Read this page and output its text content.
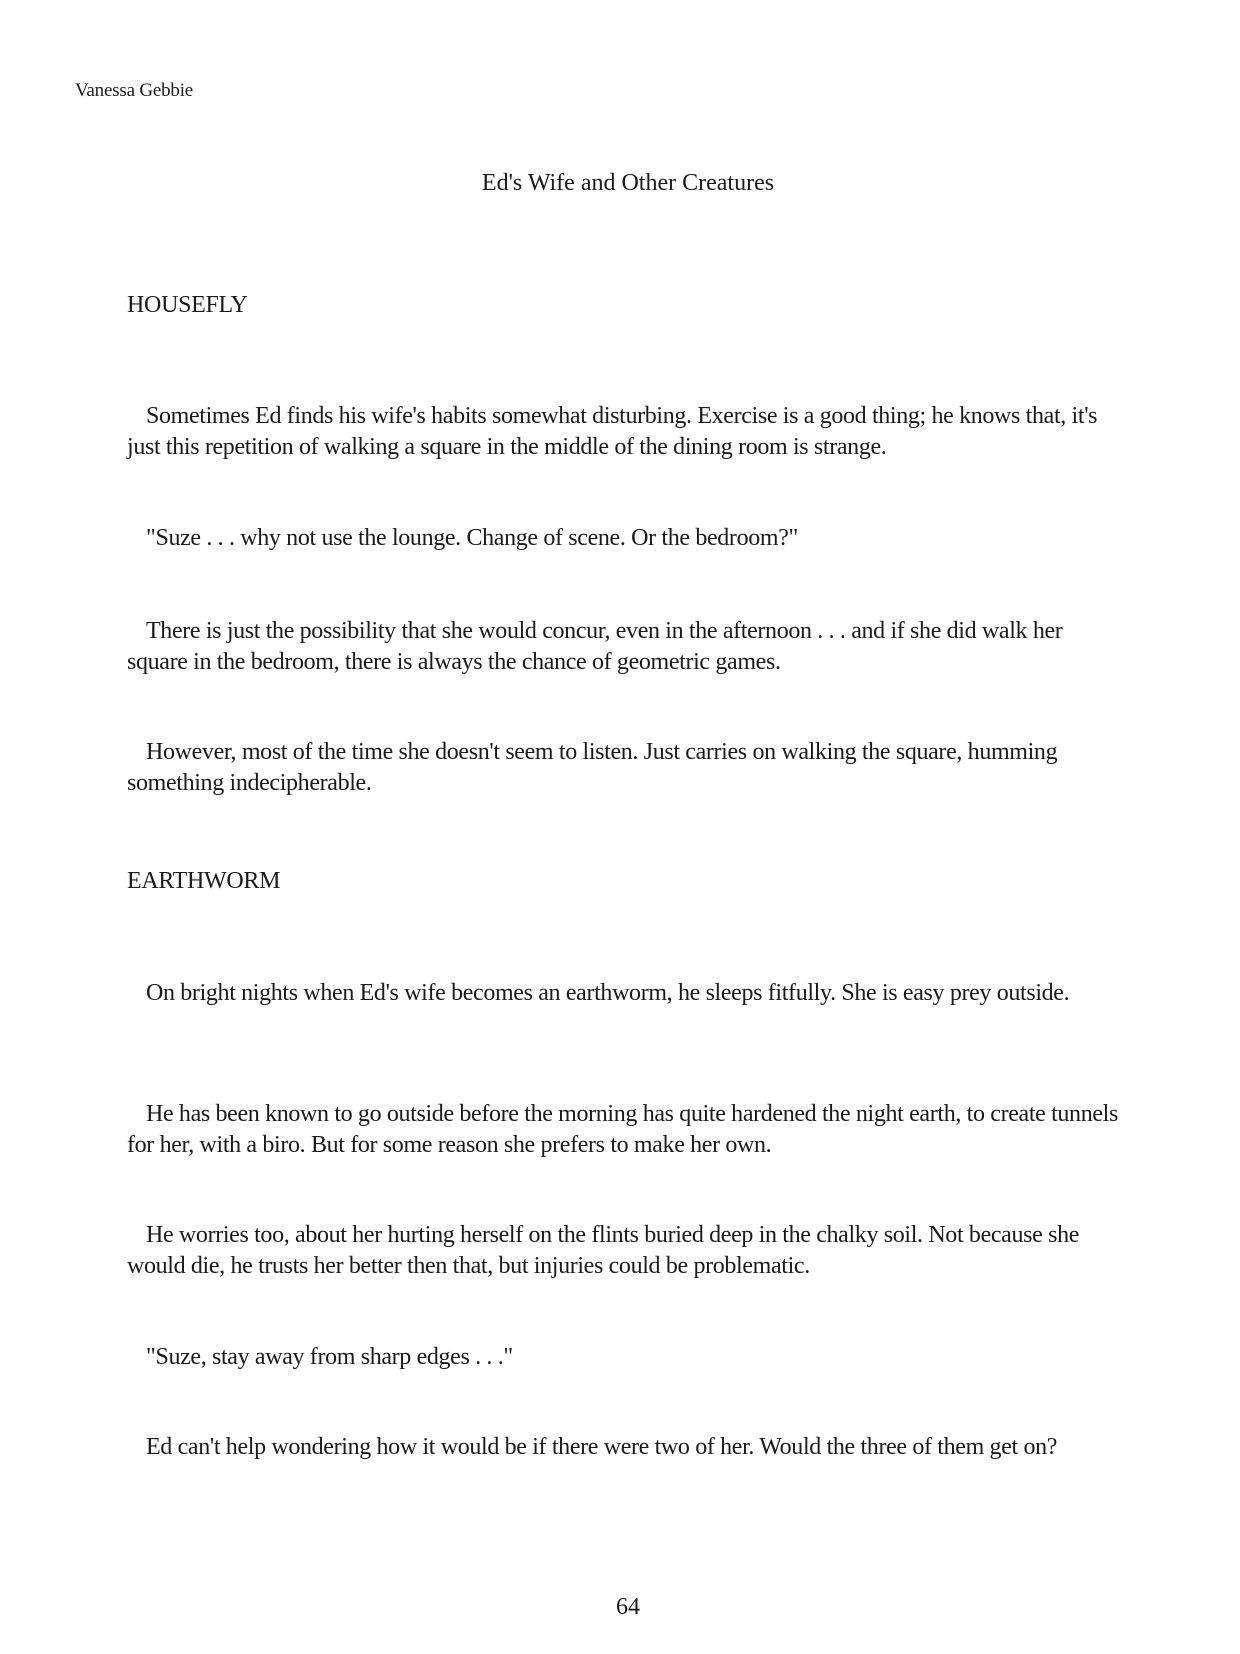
Vanessa Gebbie
Ed's Wife and Other Creatures
HOUSEFLY

Sometimes Ed finds his wife's habits somewhat disturbing. Exercise is a good thing; he knows that, it's just this repetition of walking a square in the middle of the dining room is strange.

"Suze . . . why not use the lounge. Change of scene. Or the bedroom?"

There is just the possibility that she would concur, even in the afternoon . . . and if she did walk her square in the bedroom, there is always the chance of geometric games.

However, most of the time she doesn't seem to listen. Just carries on walking the square, humming something indecipherable.

EARTHWORM

On bright nights when Ed's wife becomes an earthworm, he sleeps fitfully. She is easy prey outside.

He has been known to go outside before the morning has quite hardened the night earth, to create tunnels for her, with a biro. But for some reason she prefers to make her own.

He worries too, about her hurting herself on the flints buried deep in the chalky soil. Not because she would die, he trusts her better then that, but injuries could be problematic.

"Suze, stay away from sharp edges . . ."

Ed can't help wondering how it would be if there were two of her. Would the three of them get on?

64
